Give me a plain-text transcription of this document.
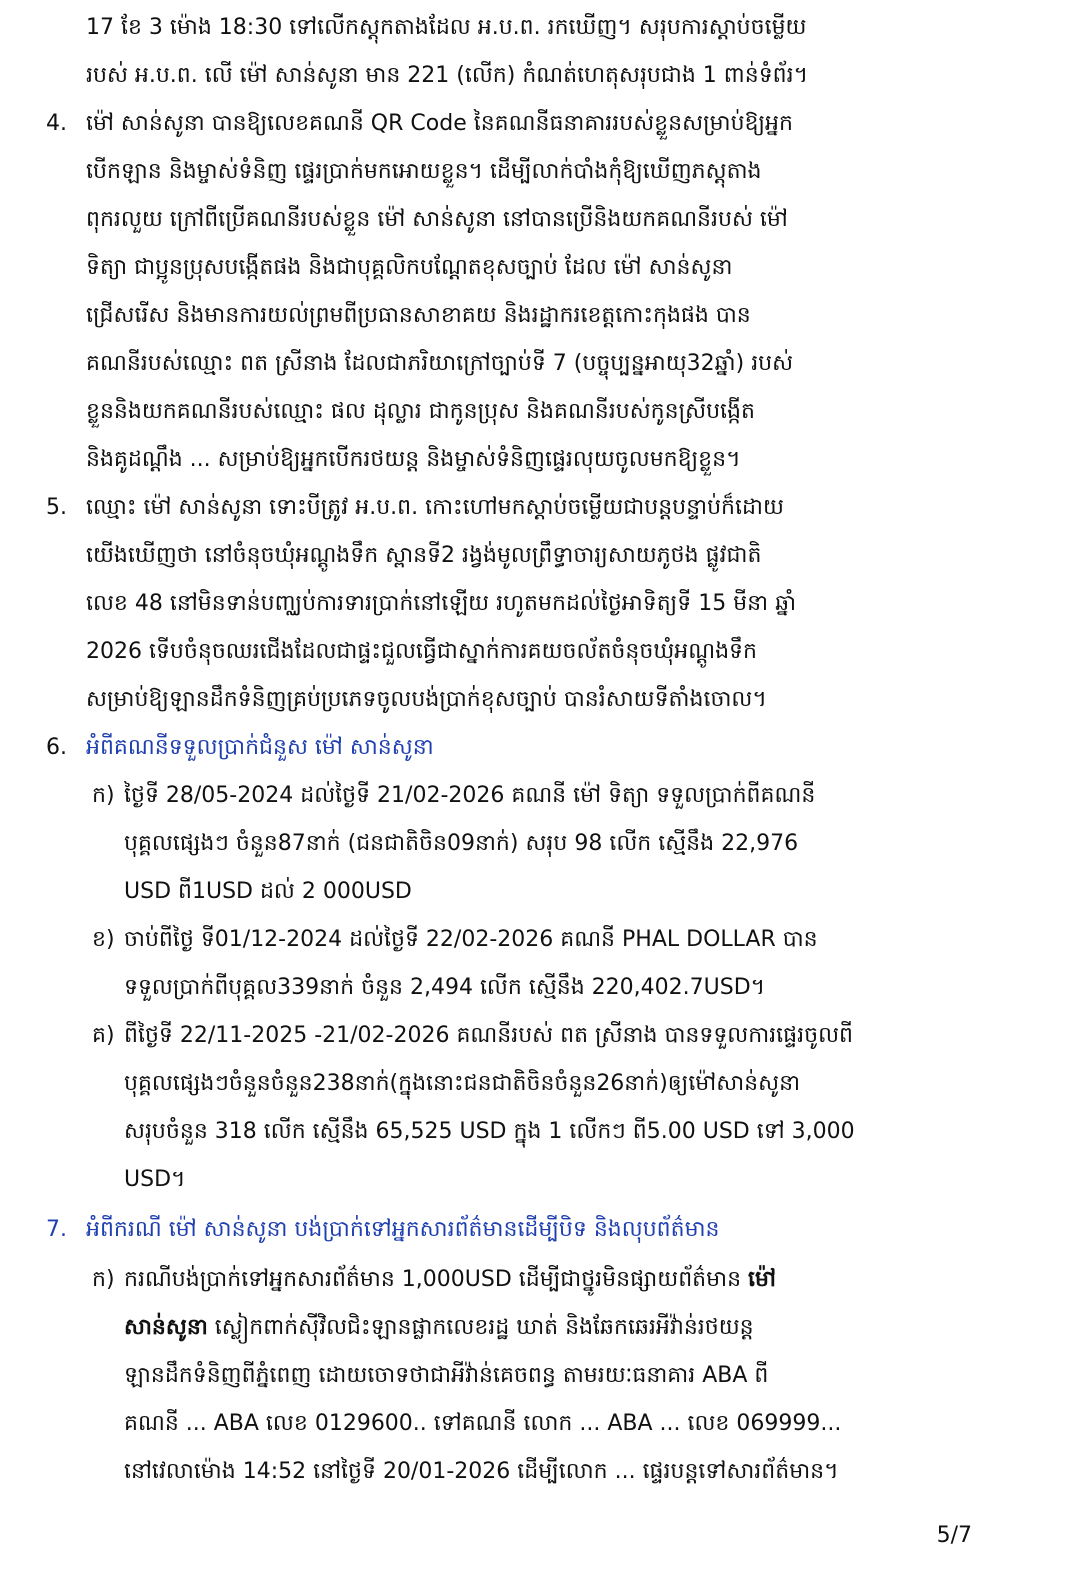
17 ខែ 3 ម៉ោង 18:30 ទៅលើកស្តុកតាងដែល អ.ប.ព. រកឃើញ។ សរុបការស្តាប់ចម្លើយ
របស់ អ.ប.ព. លើ ម៉ៅ សាន់សូនា មាន 221 (លើក) កំណត់ហេតុសរុបជាង 1 ពាន់ទំព័រ។
4. ម៉ៅ សាន់សូនា បានឱ្យលេខគណនី QR Code នៃគណនីធនាគាររបស់ខ្លួនសម្រាប់ឱ្យអ្នក
បើកឡាន និងម្ចាស់ទំនិញ ផ្ទេរប្រាក់មកអោយខ្លួន។ ដើម្បីលាក់បាំងកុំឱ្យឃើញភស្តុតាង
ពុករលួយ ក្រៅពីប្រើគណនីរបស់ខ្លួន ម៉ៅ សាន់សូនា នៅបានប្រើនិងយកគណនីរបស់ ម៉ៅ
ទិត្យា ជាប្អូនប្រុសបង្កើតផង និងជាបុគ្គលិកបណ្តែតខុសច្បាប់ ដែល ម៉ៅ សាន់សូនា
ជ្រើសរើស និងមានការយល់ព្រមពីប្រធានសាខាគយ និងរដ្ឋាករខេត្តកោះកុងផង បាន
គណនីរបស់ឈ្មោះ ពត ស្រីនាង ដែលជាភរិយាក្រៅច្បាប់ទី 7 (បច្ចុប្បន្នអាយុ32ឆ្នាំ) របស់
ខ្លួននិងយកគណនីរបស់ឈ្មោះ ផល ដុល្លារ ជាកូនប្រុស និងគណនីរបស់កូនស្រីបង្កើត
និងគូដណ្ដឹង ... សម្រាប់ឱ្យអ្នកបើករថយន្ត និងម្ចាស់ទំនិញផ្ទេរលុយចូលមកឱ្យខ្លួន។
5. ឈ្មោះ ម៉ៅ សាន់សូនា ទោះបីត្រូវ អ.ប.ព. កោះហៅមកស្តាប់ចម្លើយជាបន្តបន្ទាប់ក៏ដោយ
យើងឃើញថា នៅចំនុចឃុំអណ្តូងទឹក ស្ពានទី2 រង្វង់មូលព្រឹទ្ធាចារ្យសាយភូថង ផ្លូវជាតិ
លេខ 48 នៅមិនទាន់បញ្ឈប់ការទារប្រាក់នៅឡើយ រហូតមកដល់ថ្ងៃអាទិត្យទី 15 មីនា ឆ្នាំ
2026 ទើបចំនុចឈរជើងដែលជាផ្ទះជួលធ្វើជាស្នាក់ការគយចល័តចំនុចឃុំអណ្តូងទឹក
សម្រាប់ឱ្យឡានដឹកទំនិញគ្រប់ប្រភេទចូលបង់ប្រាក់ខុសច្បាប់ បានរំសាយទីតាំងចោល។
6. អំពីគណនីទទួលប្រាក់ជំនួស ម៉ៅ សាន់សូនា
ក) ថ្ងៃទី 28/05-2024 ដល់ថ្ងៃទី 21/02-2026 គណនី ម៉ៅ ទិត្យា ទទួលប្រាក់ពីគណនី
បុគ្គលផ្សេងៗ ចំនួន87នាក់ (ជនជាតិចិន09នាក់) សរុប 98 លើក ស្មើនឹង 22,976
USD ពី1USD ដល់ 2 000USD
ខ) ចាប់ពីថ្ងៃ ទី01/12-2024 ដល់ថ្ងៃទី 22/02-2026 គណនី PHAL DOLLAR បាន
ទទួលប្រាក់ពីបុគ្គល339នាក់ ចំនួន 2,494 លើក ស្មើនឹង 220,402.7USD។
គ) ពីថ្ងៃទី 22/11-2025 -21/02-2026 គណនីរបស់ ពត ស្រីនាង បានទទួលការផ្ទេរចូលពី
បុគ្គលផ្សេងៗចំនួនចំនួន238នាក់(ក្នុងនោះជនជាតិចិនចំនួន26នាក់)ឲ្យម៉ៅសាន់សូនា
សរុបចំនួន 318 លើក ស្មើនឹង 65,525 USD ក្នុង 1 លើកៗ ពី5.00 USD ទៅ 3,000
USD។
7. អំពីករណី ម៉ៅ សាន់សូនា បង់ប្រាក់ទៅអ្នកសារព័ត៌មានដើម្បីបិទ និងលុបព័ត៌មាន
ក) ករណីបង់ប្រាក់ទៅអ្នកសារព័ត៌មាន 1,000USD ដើម្បីជាថ្នូរមិនផ្សាយព័ត៌មាន ម៉ៅ
សាន់សូនា ស្លៀកពាក់ស៊ីវិលជិះឡានផ្លាកលេខរដ្ឋ ឃាត់ និងឆែកឆេរអីវ៉ាន់រថយន្ត
ឡានដឹកទំនិញពីភ្នំពេញ ដោយចោទថាជាអីវ៉ាន់គេចពន្ធ តាមរយៈធនាគារ ABA ពី
គណនី ... ABA លេខ 0129600.. ទៅគណនី លោក ... ABA ... លេខ 069999...
នៅវេលាម៉ោង 14:52 នៅថ្ងៃទី 20/01-2026 ដើម្បីលោក ... ផ្ទេរបន្តទៅសារព័ត៌មាន។
5/7
